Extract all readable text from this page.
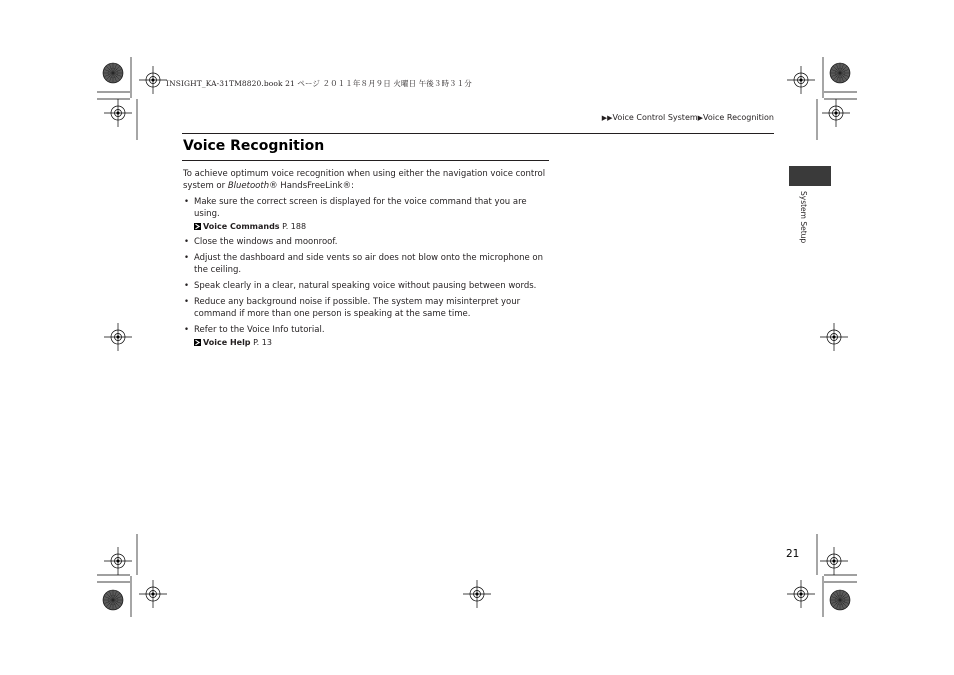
INSIGHT_KA-31TM8820.book 21 ページ ２０１１年８月９日 火曜日 午後３時３１分
▶▶Voice Control System▶Voice Recognition
Voice Recognition

To achieve optimum voice recognition when using either the navigation voice control system or Bluetooth® HandsFreeLink®:

• Make sure the correct screen is displayed for the voice command that you are using.
Voice Commands P. 188
• Close the windows and moonroof.
• Adjust the dashboard and side vents so air does not blow onto the microphone on the ceiling.
• Speak clearly in a clear, natural speaking voice without pausing between words.
• Reduce any background noise if possible. The system may misinterpret your command if more than one person is speaking at the same time.
• Refer to the Voice Info tutorial.
Voice Help P. 13
System Setup
21
